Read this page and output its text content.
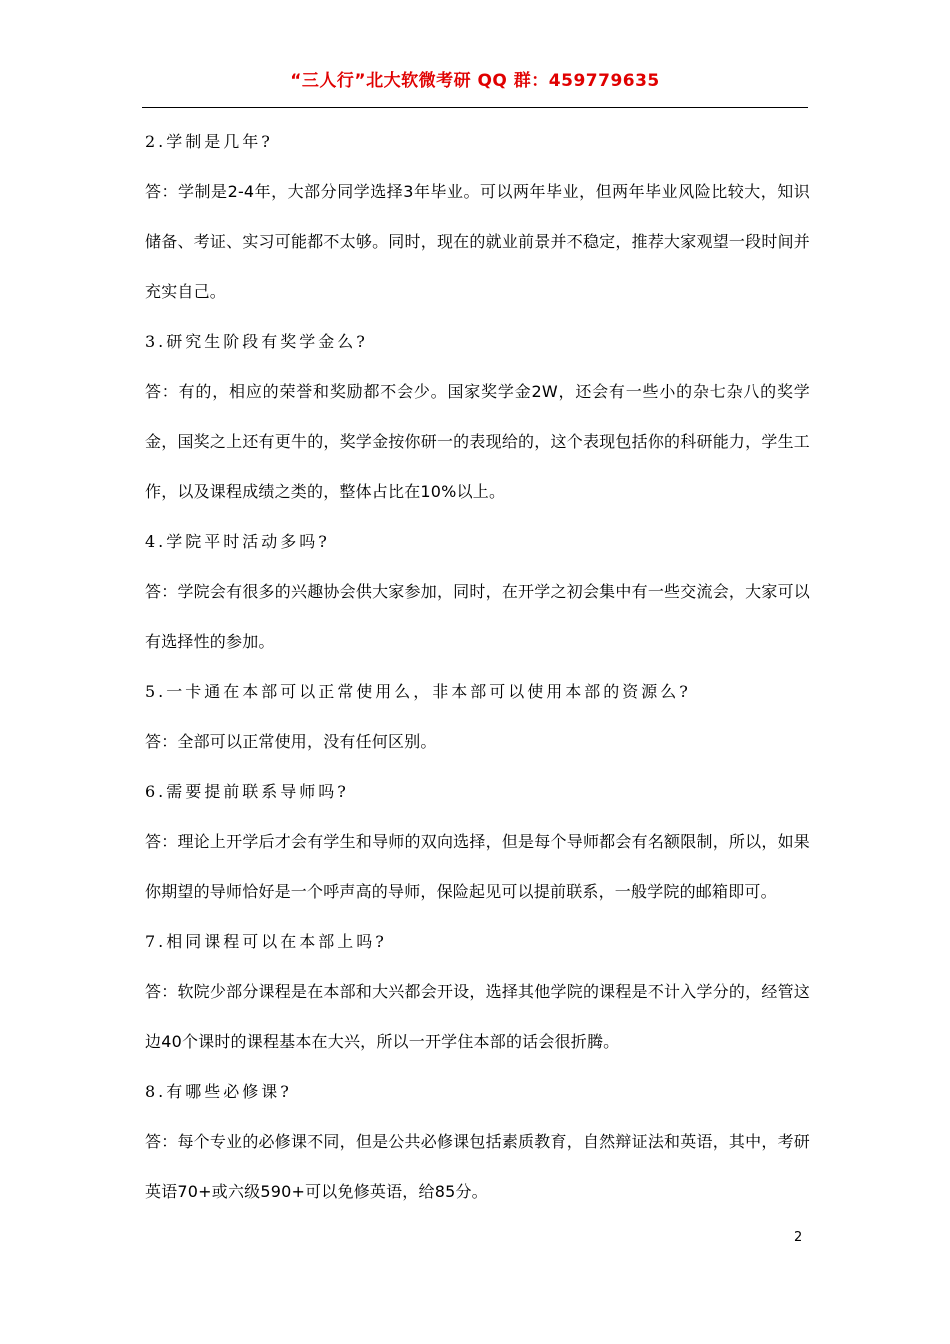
“三人行”北大软微考研 QQ 群：459779635
2.学制是几年?
答：学制是2-4年，大部分同学选择3年毕业。可以两年毕业，但两年毕业风险比较大，知识储备、考证、实习可能都不太够。同时，现在的就业前景并不稳定，推荐大家观望一段时间并充实自己。
3.研究生阶段有奖学金么?
答：有的，相应的荣誉和奖励都不会少。国家奖学金2W，还会有一些小的杂七杂八的奖学金，国奖之上还有更牛的，奖学金按你研一的表现给的，这个表现包括你的科研能力，学生工作，以及课程成绩之类的，整体占比在10%以上。
4.学院平时活动多吗?
答：学院会有很多的兴趣协会供大家参加，同时，在开学之初会集中有一些交流会，大家可以有选择性的参加。
5.一卡通在本部可以正常使用么，非本部可以使用本部的资源么?
答：全部可以正常使用，没有任何区别。
6.需要提前联系导师吗?
答：理论上开学后才会有学生和导师的双向选择，但是每个导师都会有名额限制，所以，如果你期望的导师恰好是一个呼声高的导师，保险起见可以提前联系，一般学院的邮箱即可。
7.相同课程可以在本部上吗?
答：软院少部分课程是在本部和大兴都会开设，选择其他学院的课程是不计入学分的，经管这边40个课时的课程基本在大兴，所以一开学住本部的话会很折腾。
8.有哪些必修课?
答：每个专业的必修课不同，但是公共必修课包括素质教育，自然辩证法和英语，其中，考研英语70+或六级590+可以免修英语，给85分。
2
